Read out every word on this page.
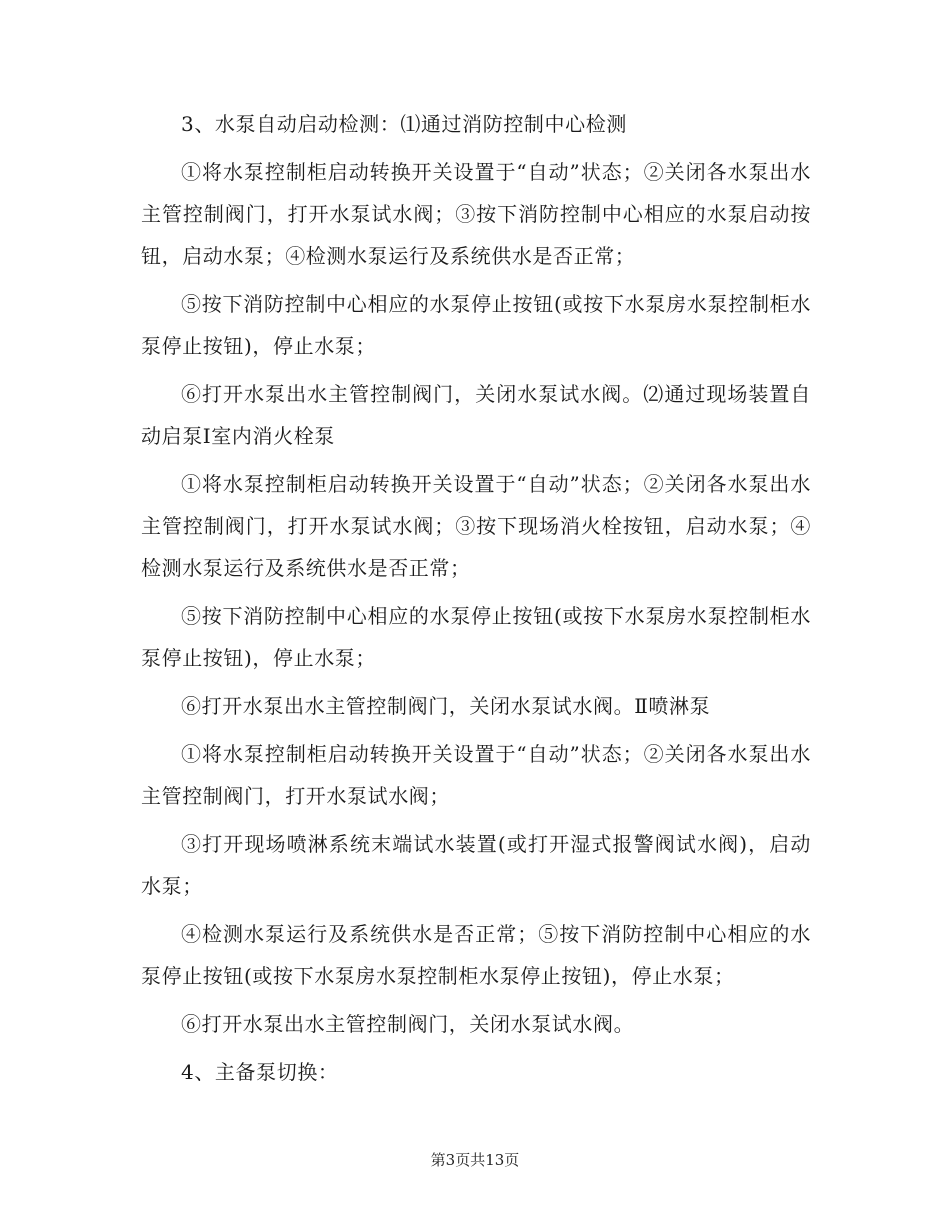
3、水泵自动启动检测：⑴通过消防控制中心检测

①将水泵控制柜启动转换开关设置于“自动”状态；②关闭各水泵出水主管控制阀门，打开水泵试水阀；③按下消防控制中心相应的水泵启动按钮，启动水泵；④检测水泵运行及系统供水是否正常；

⑤按下消防控制中心相应的水泵停止按钮(或按下水泵房水泵控制柜水泵停止按钮)，停止水泵；

⑥打开水泵出水主管控制阀门，关闭水泵试水阀。⑵通过现场装置自动启泵Ⅰ室内消火栓泵

①将水泵控制柜启动转换开关设置于“自动”状态；②关闭各水泵出水主管控制阀门，打开水泵试水阀；③按下现场消火栓按钮，启动水泵；④检测水泵运行及系统供水是否正常；

⑤按下消防控制中心相应的水泵停止按钮(或按下水泵房水泵控制柜水泵停止按钮)，停止水泵；

⑥打开水泵出水主管控制阀门，关闭水泵试水阀。Ⅱ喷淋泵

①将水泵控制柜启动转换开关设置于“自动”状态；②关闭各水泵出水主管控制阀门，打开水泵试水阀；

③打开现场喷淋系统末端试水装置(或打开湿式报警阀试水阀)，启动水泵；

④检测水泵运行及系统供水是否正常；⑤按下消防控制中心相应的水泵停止按钮(或按下水泵房水泵控制柜水泵停止按钮)，停止水泵；

⑥打开水泵出水主管控制阀门，关闭水泵试水阀。

4、主备泵切换：

第3页共13页
